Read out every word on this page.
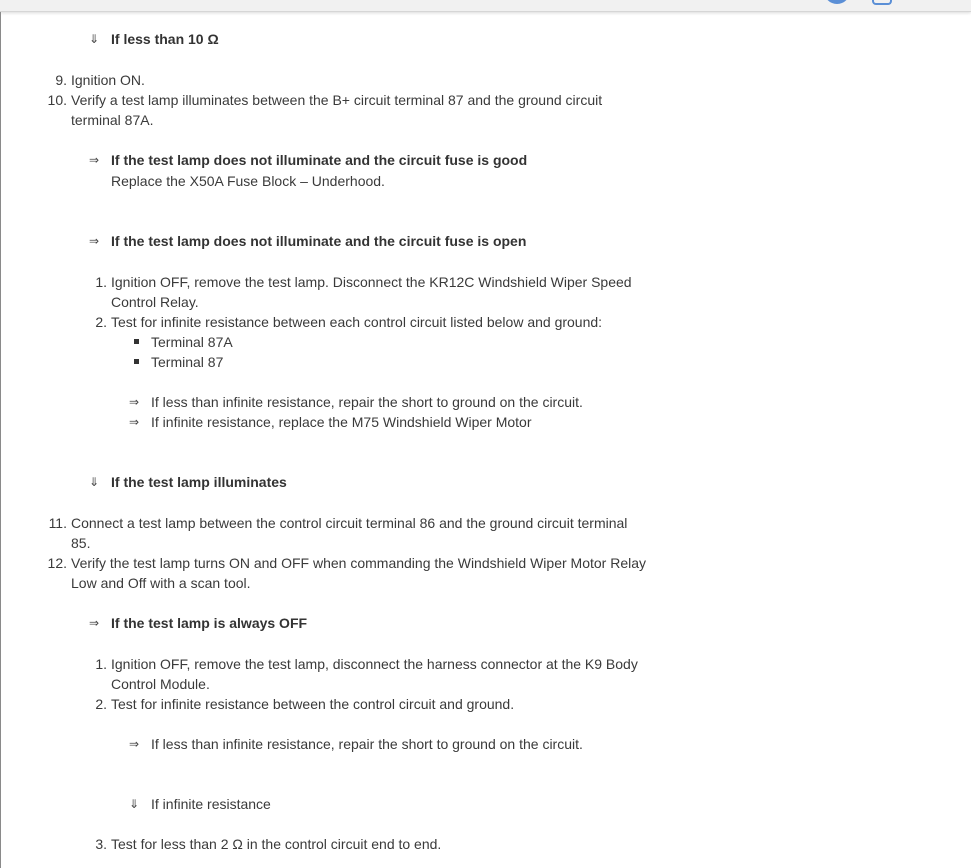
⇓ If less than 10 Ω
9. Ignition ON.
10. Verify a test lamp illuminates between the B+ circuit terminal 87 and the ground circuit
terminal 87A.
⇒ If the test lamp does not illuminate and the circuit fuse is good
Replace the X50A Fuse Block – Underhood.
⇒ If the test lamp does not illuminate and the circuit fuse is open
1. Ignition OFF, remove the test lamp. Disconnect the KR12C Windshield Wiper Speed
Control Relay.
2. Test for infinite resistance between each control circuit listed below and ground:
Terminal 87A
Terminal 87
⇒ If less than infinite resistance, repair the short to ground on the circuit.
⇒ If infinite resistance, replace the M75 Windshield Wiper Motor
⇓ If the test lamp illuminates
11. Connect a test lamp between the control circuit terminal 86 and the ground circuit terminal
85.
12. Verify the test lamp turns ON and OFF when commanding the Windshield Wiper Motor Relay
Low and Off with a scan tool.
⇒ If the test lamp is always OFF
1. Ignition OFF, remove the test lamp, disconnect the harness connector at the K9 Body
Control Module.
2. Test for infinite resistance between the control circuit and ground.
⇒ If less than infinite resistance, repair the short to ground on the circuit.
⇓ If infinite resistance
3. Test for less than 2 Ω in the control circuit end to end.
